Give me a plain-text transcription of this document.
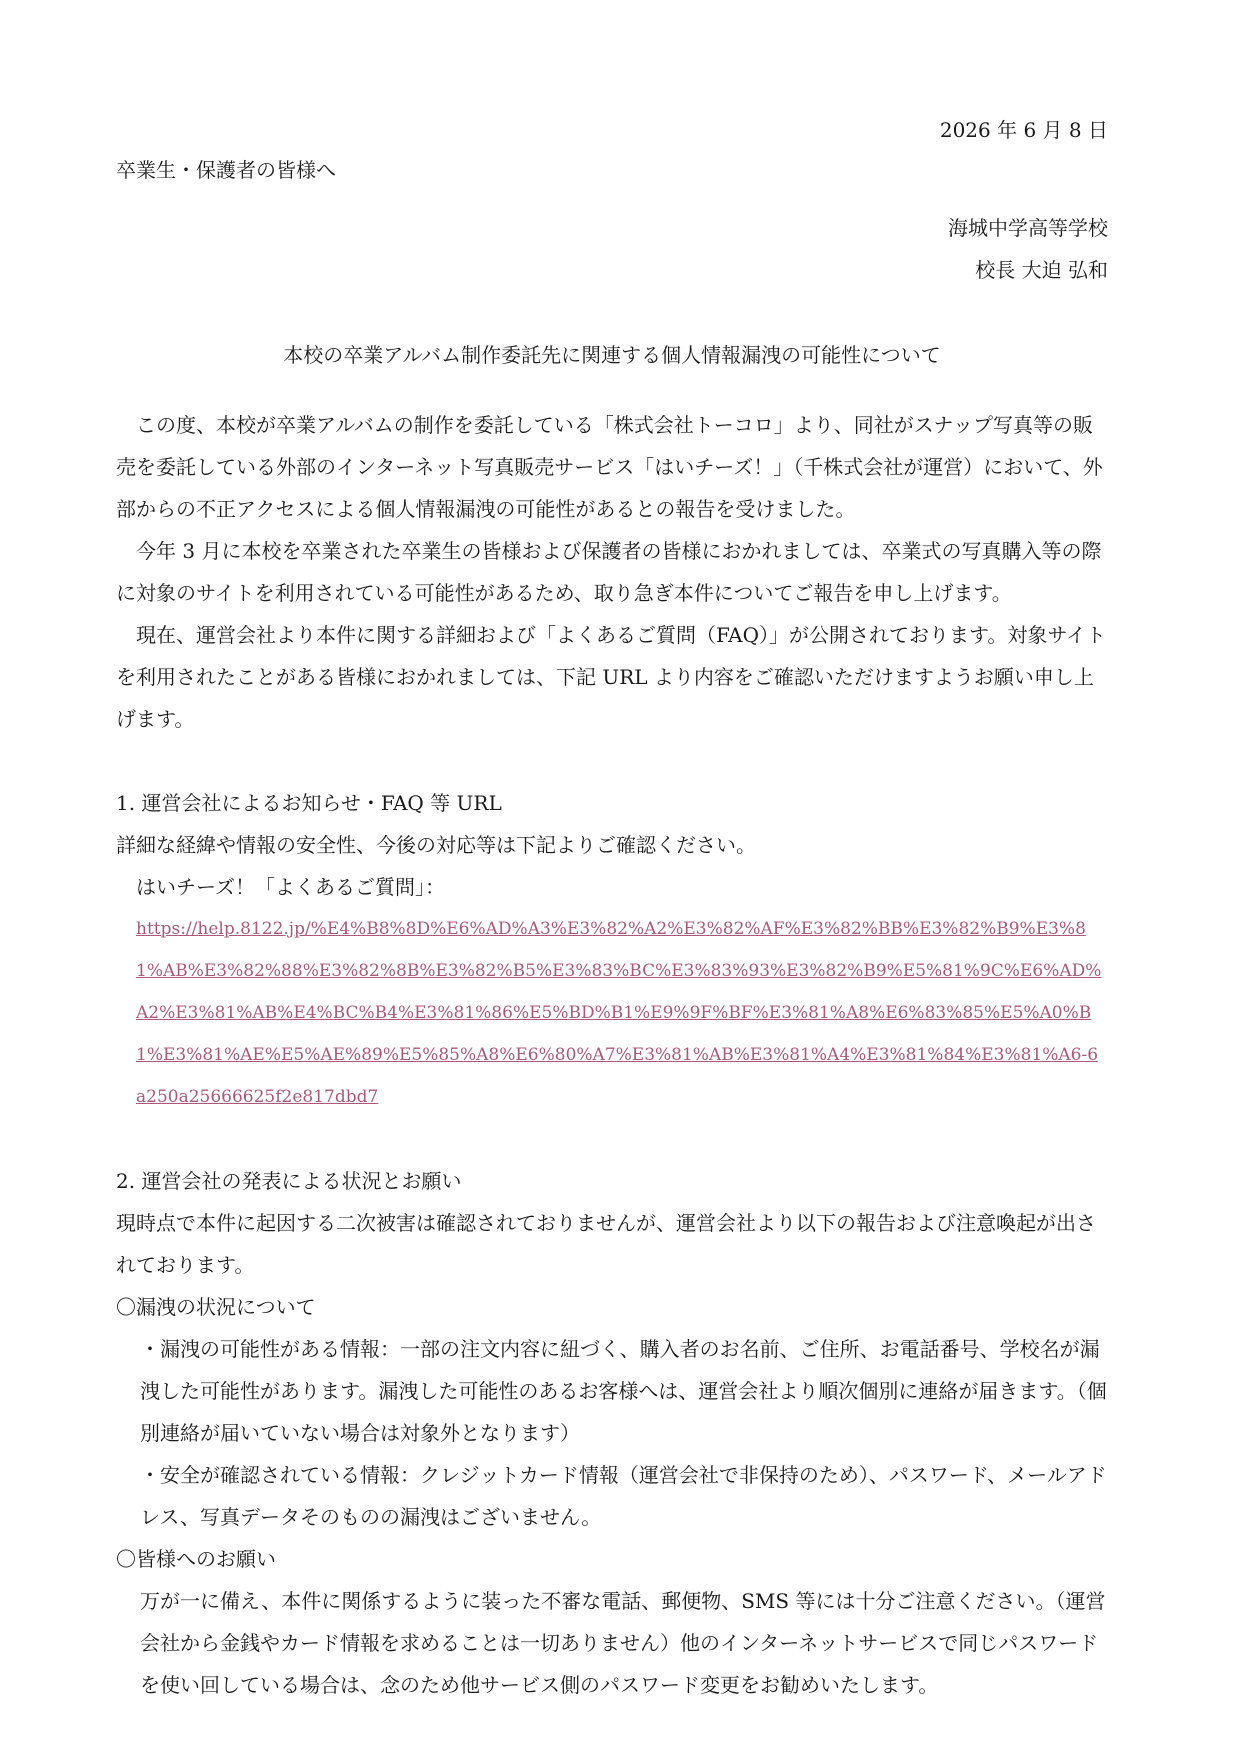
2026 年 6 月 8 日
卒業生・保護者の皆様へ
海城中学高等学校
校長 大迫 弘和
本校の卒業アルバム制作委託先に関連する個人情報漏洩の可能性について

この度、本校が卒業アルバムの制作を委託している「株式会社トーコロ」より、同社がスナップ写真等の販売を委託している外部のインターネット写真販売サービス「はいチーズ！」（千株式会社が運営）において、外部からの不正アクセスによる個人情報漏洩の可能性があるとの報告を受けました。

今年 3 月に本校を卒業された卒業生の皆様および保護者の皆様におかれましては、卒業式の写真購入等の際に対象のサイトを利用されている可能性があるため、取り急ぎ本件についてご報告を申し上げます。

現在、運営会社より本件に関する詳細および「よくあるご質問（FAQ）」が公開されております。対象サイトを利用されたことがある皆様におかれましては、下記 URL より内容をご確認いただけますようお願い申し上げます。

1. 運営会社によるお知らせ・FAQ 等 URL
詳細な経緯や情報の安全性、今後の対応等は下記よりご確認ください。
はいチーズ！「よくあるご質問」：
https://help.8122.jp/%E4%B8%8D%E6%AD%A3%E3%82%A2%E3%82%AF%E3%82%BB%E3%82%B9%E3%81%AB%E3%82%88%E3%82%8B%E3%82%B5%E3%83%BC%E3%83%93%E3%82%B9%E5%81%9C%E6%AD%A2%E3%81%AB%E4%BC%B4%E3%81%86%E5%BD%B1%E9%9F%BF%E3%81%A8%E6%83%85%E5%A0%B1%E3%81%AE%E5%AE%89%E5%85%A8%E6%80%A7%E3%81%AB%E3%81%A4%E3%81%84%E3%81%A6-6a250a25666625f2e817dbd7
2. 運営会社の発表による状況とお願い
現時点で本件に起因する二次被害は確認されておりませんが、運営会社より以下の報告および注意喚起が出されております。
〇漏洩の状況について
・漏洩の可能性がある情報：一部の注文内容に紐づく、購入者のお名前、ご住所、お電話番号、学校名が漏洩した可能性があります。漏洩した可能性のあるお客様へは、運営会社より順次個別に連絡が届きます。（個別連絡が届いていない場合は対象外となります）
・安全が確認されている情報：クレジットカード情報（運営会社で非保持のため）、パスワード、メールアドレス、写真データそのものの漏洩はございません。
〇皆様へのお願い
万が一に備え、本件に関係するように装った不審な電話、郵便物、SMS 等には十分ご注意ください。（運営会社から金銭やカード情報を求めることは一切ありません）他のインターネットサービスで同じパスワードを使い回している場合は、念のため他サービス側のパスワード変更をお勧めいたします。
